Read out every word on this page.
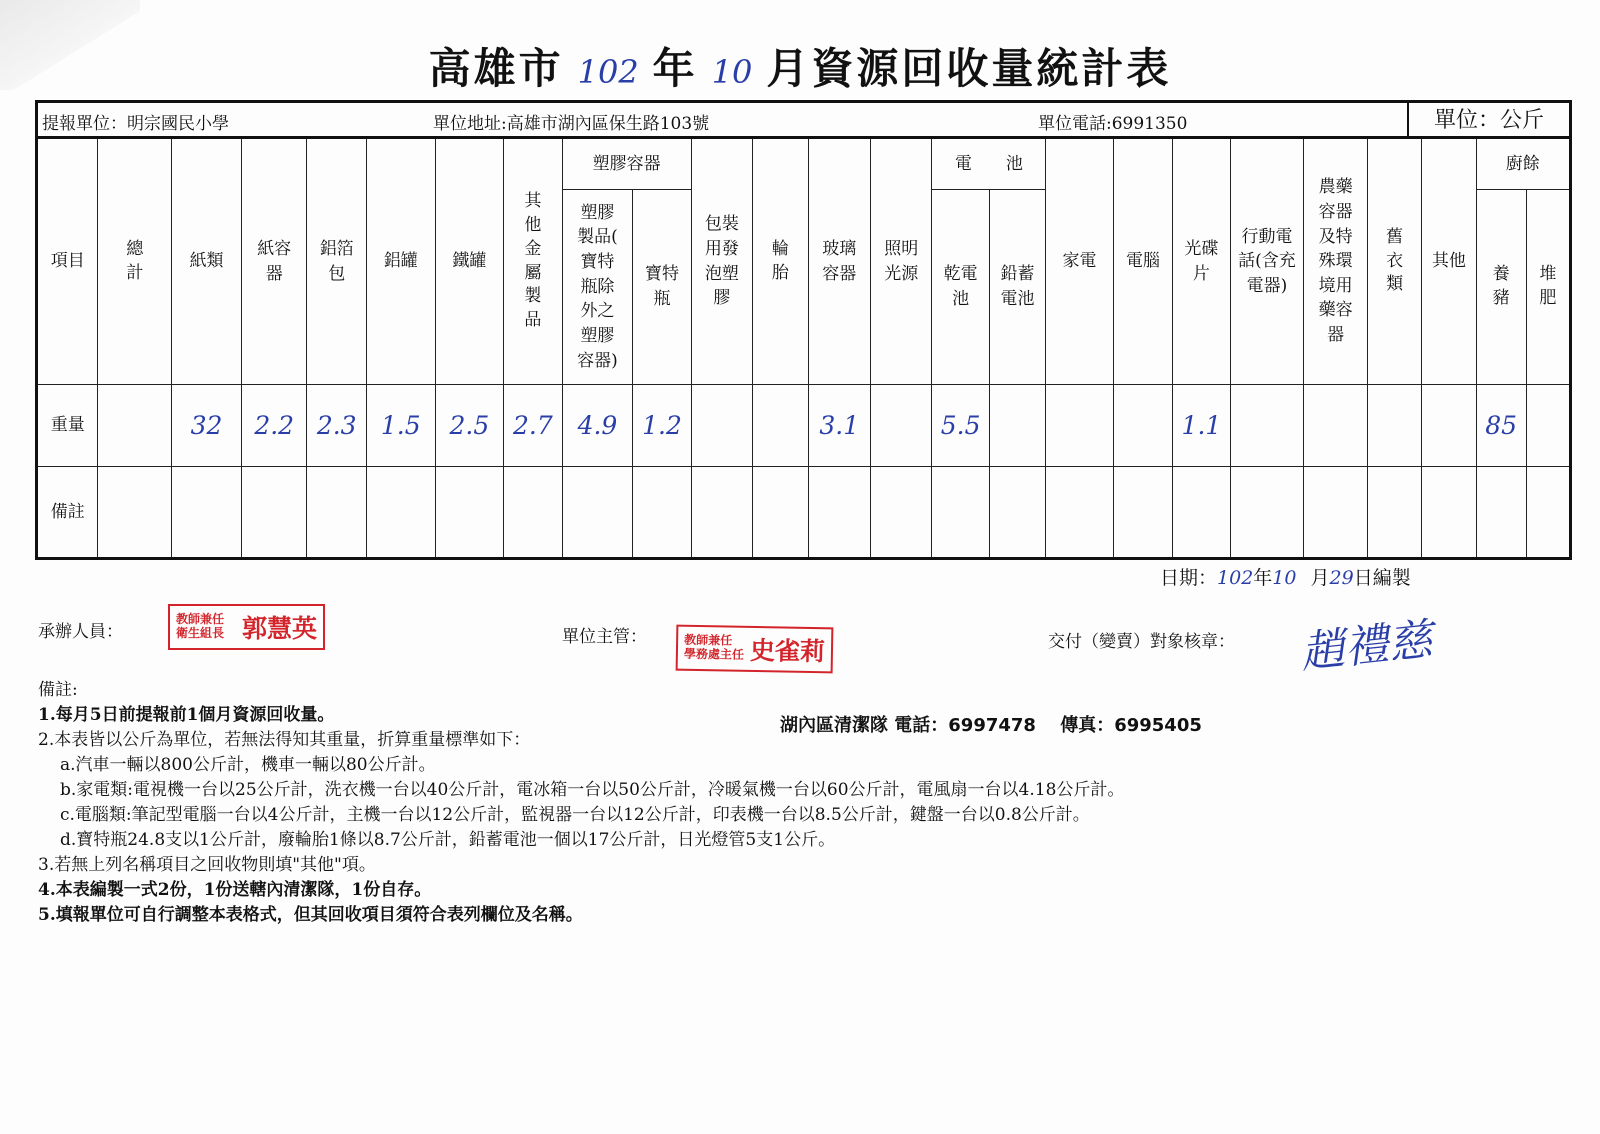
高雄市 102 年 10 月資源回收量統計表
提報單位：明宗國民小學	單位地址:高雄市湖內區保生路103號	單位電話:6991350	單位：公斤
項目	總計	紙類	紙容器	鋁箔包	鋁罐	鐵罐	其他金屬製品	塑膠容器		包裝用發泡塑膠	輪胎	玻璃容器	照明光源	電　　池		家電	電腦	光碟片	行動電話(含充電器)	農藥容器及特殊環境用藥容器	舊衣類	其他	廚餘	
								塑膠製品(寶特瓶除外之塑膠容器)	寶特瓶					乾電池	鉛蓄電池								養豬	堆肥
重量		32	2.2	2.3	1.5	2.5	2.7	4.9	1.2			3.1		5.5				1.1					85	
備註																								
日期：102年10 月29日編製
承辦人員：
教師兼任 衛生組長 郭慧英	單位主管：	教師兼任 學務處主任 史雀莉	交付（變賣）對象核章： 趙禮慈
備註:
1.每月5日前提報前1個月資源回收量。
2.本表皆以公斤為單位，若無法得知其重量，折算重量標準如下：
a.汽車一輛以800公斤計，機車一輛以80公斤計。
b.家電類:電視機一台以25公斤計，洗衣機一台以40公斤計，電冰箱一台以50公斤計，冷暖氣機一台以60公斤計，電風扇一台以4.18公斤計。
c.電腦類:筆記型電腦一台以4公斤計，主機一台以12公斤計，監視器一台以12公斤計，印表機一台以8.5公斤計，鍵盤一台以0.8公斤計。
d.寶特瓶24.8支以1公斤計，廢輪胎1條以8.7公斤計，鉛蓄電池一個以17公斤計，日光燈管5支1公斤。
3.若無上列名稱項目之回收物則填"其他"項。
4.本表編製一式2份，1份送轄內清潔隊，1份自存。
5.填報單位可自行調整本表格式，但其回收項目須符合表列欄位及名稱。
湖內區清潔隊 電話：6997478　 傳真：6995405
